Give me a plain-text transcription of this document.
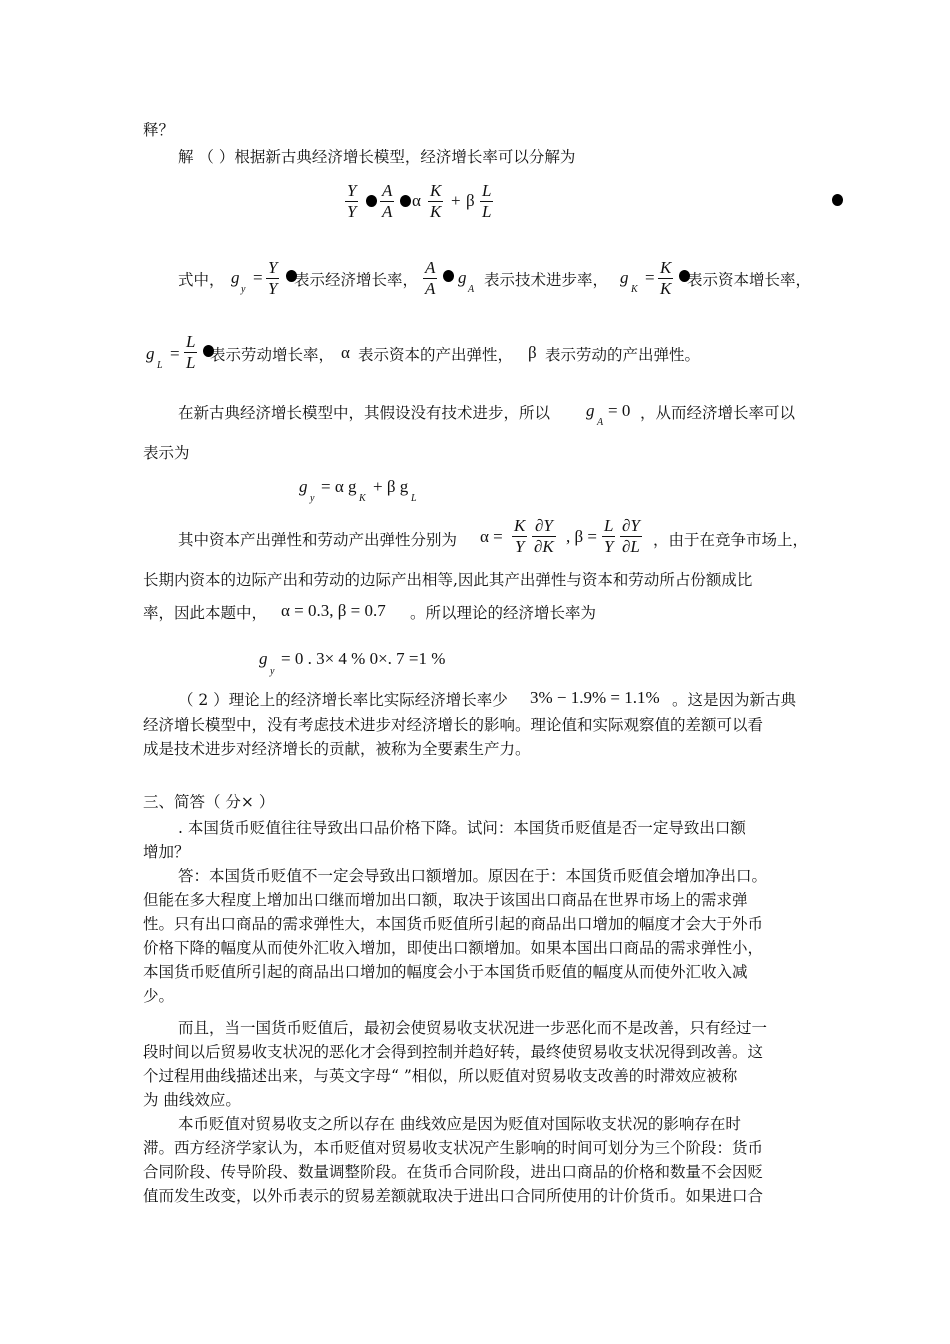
释？
解 （ ）根据新古典经济增长模型，经济增长率可以分解为
$\frac{Y}{Y} \frac{A}{A}$ α $\frac{K}{K} + \beta \frac{L}{L}$
式中， g
y
= $\frac{Y}{Y}$ 表示经济增长率， $\frac{A}{A}$ g
A
表示技术进步率， g
K
= $\frac{K}{K}$ 表示资本增长率，
g
L
= $\frac{L}{L}$ 表示劳动增长率， α 表示资本的产出弹性， β 表示劳动的产出弹性。
在新古典经济增长模型中，其假设没有技术进步，所以 g
A
= 0 ，从而经济增长率可以
表示为
g
y
= α g
K
+ β g
L
其中资本产出弹性和劳动产出弹性分别为 $\alpha = \frac{K}{Y} \frac{\partial Y}{\partial K}$ , $\beta = \frac{L}{Y} \frac{\partial Y}{\partial L}$ ，由于在竞争市场上，
长期内资本的边际产出和劳动的边际产出相等,因此其产出弹性与资本和劳动所占份额成比
率，因此本题中， α = 0.3, β = 0.7 。所以理论的经济增长率为
g
y
= 0 . 3× 4 % 0×. 7 =1 %
（ 2 ）理论上的经济增长率比实际经济增长率少 3% − 1.9% = 1.1% 。这是因为新古典
经济增长模型中，没有考虑技术进步对经济增长的影响。理论值和实际观察值的差额可以看
成是技术进步对经济增长的贡献，被称为全要素生产力。
三、简答（ 分× ）
. 本国货币贬值往往导致出口品价格下降。试问：本国货币贬值是否一定导致出口额
增加？
答：本国货币贬值不一定会导致出口额增加。原因在于：本国货币贬值会增加净出口。
但能在多大程度上增加出口继而增加出口额，取决于该国出口商品在世界市场上的需求弹
性。只有出口商品的需求弹性大，本国货币贬值所引起的商品出口增加的幅度才会大于外币
价格下降的幅度从而使外汇收入增加，即使出口额增加。如果本国出口商品的需求弹性小，
本国货币贬值所引起的商品出口增加的幅度会小于本国货币贬值的幅度从而使外汇收入减
少。
而且，当一国货币贬值后，最初会使贸易收支状况进一步恶化而不是改善，只有经过一
段时间以后贸易收支状况的恶化才会得到控制并趋好转，最终使贸易收支状况得到改善。这
个过程用曲线描述出来，与英文字母“ ”相似，所以贬值对贸易收支改善的时滞效应被称
为 曲线效应。
本币贬值对贸易收支之所以存在 曲线效应是因为贬值对国际收支状况的影响存在时
滞。西方经济学家认为，本币贬值对贸易收支状况产生影响的时间可划分为三个阶段：货币
合同阶段、传导阶段、数量调整阶段。在货币合同阶段，进出口商品的价格和数量不会因贬
值而发生改变，以外币表示的贸易差额就取决于进出口合同所使用的计价货币。如果进口合
